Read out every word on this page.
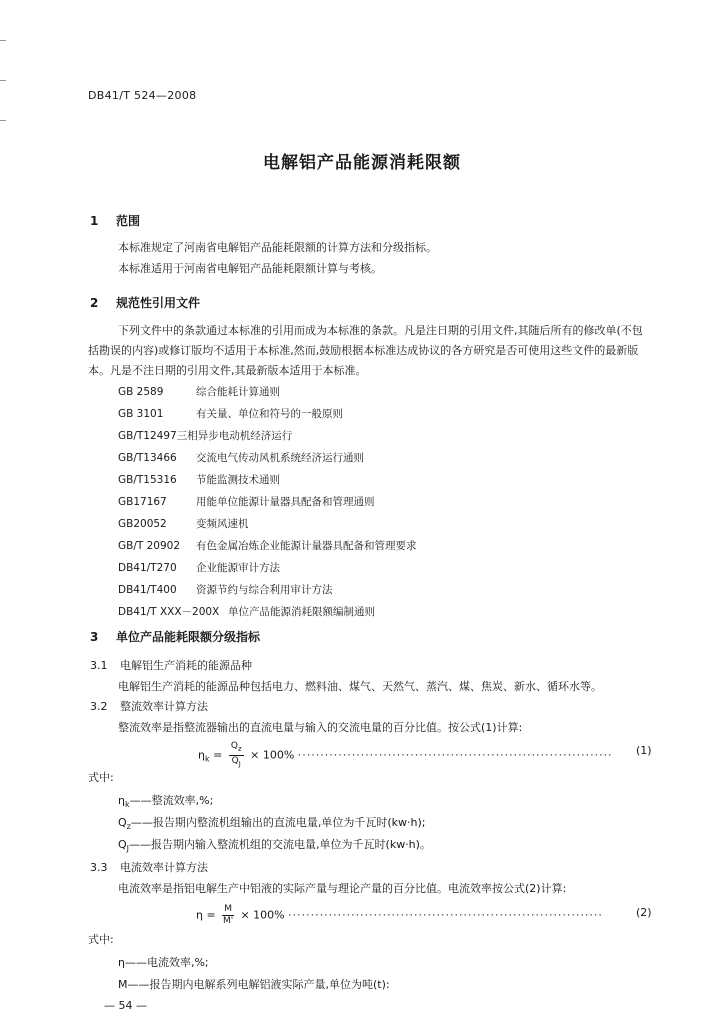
DB41/T 524—2008
电解铝产品能源消耗限额
1 范围
本标准规定了河南省电解铝产品能耗限额的计算方法和分级指标。
本标准适用于河南省电解铝产品能耗限额计算与考核。
2 规范性引用文件
下列文件中的条款通过本标准的引用而成为本标准的条款。凡是注日期的引用文件,其随后所有的修改单(不包括勘误的内容)或修订版均不适用于本标准,然而,鼓励根据本标准达成协议的各方研究是否可使用这些文件的最新版本。凡是不注日期的引用文件,其最新版本适用于本标准。
GB 2589	综合能耗计算通则
GB 3101	有关量、单位和符号的一般原则
GB/T12497三相异步电动机经济运行
GB/T13466 交流电气传动风机系统经济运行通则
GB/T15316 节能监测技术通则
GB17167	用能单位能源计量器具配备和管理通则
GB20052	变频风速机
GB/T 20902 有色金属冶炼企业能源计量器具配备和管理要求
DB41/T270 企业能源审计方法
DB41/T400 资源节约与综合利用审计方法
DB41/T XXX－200X 单位产品能源消耗限额编制通则
3 单位产品能耗限额分级指标
3.1 电解铝生产消耗的能源品种
电解铝生产消耗的能源品种包括电力、燃料油、煤气、天然气、蒸汽、煤、焦炭、新水、循环水等。
3.2 整流效率计算方法
整流效率是指整流器输出的直流电量与输入的交流电量的百分比值。按公式(1)计算:
$\eta_k = \frac{Q_z}{Q_J} \times 100\%$ ······································································ (1)
式中:
$\eta_k——$整流效率,%;
$Q_z——$报告期内整流机组输出的直流电量,单位为千瓦时(kw·h);
$Q_J——$报告期内输入整流机组的交流电量,单位为千瓦时(kw·h)。
3.3 电流效率计算方法
电流效率是指铝电解生产中铝液的实际产量与理论产量的百分比值。电流效率按公式(2)计算:
$\eta = \frac{M}{M'} \times 100\%$ ······································································	(2)
式中:
η——电流效率,%;
M——报告期内电解系列电解铝液实际产量,单位为吨(t):
— 54 —
